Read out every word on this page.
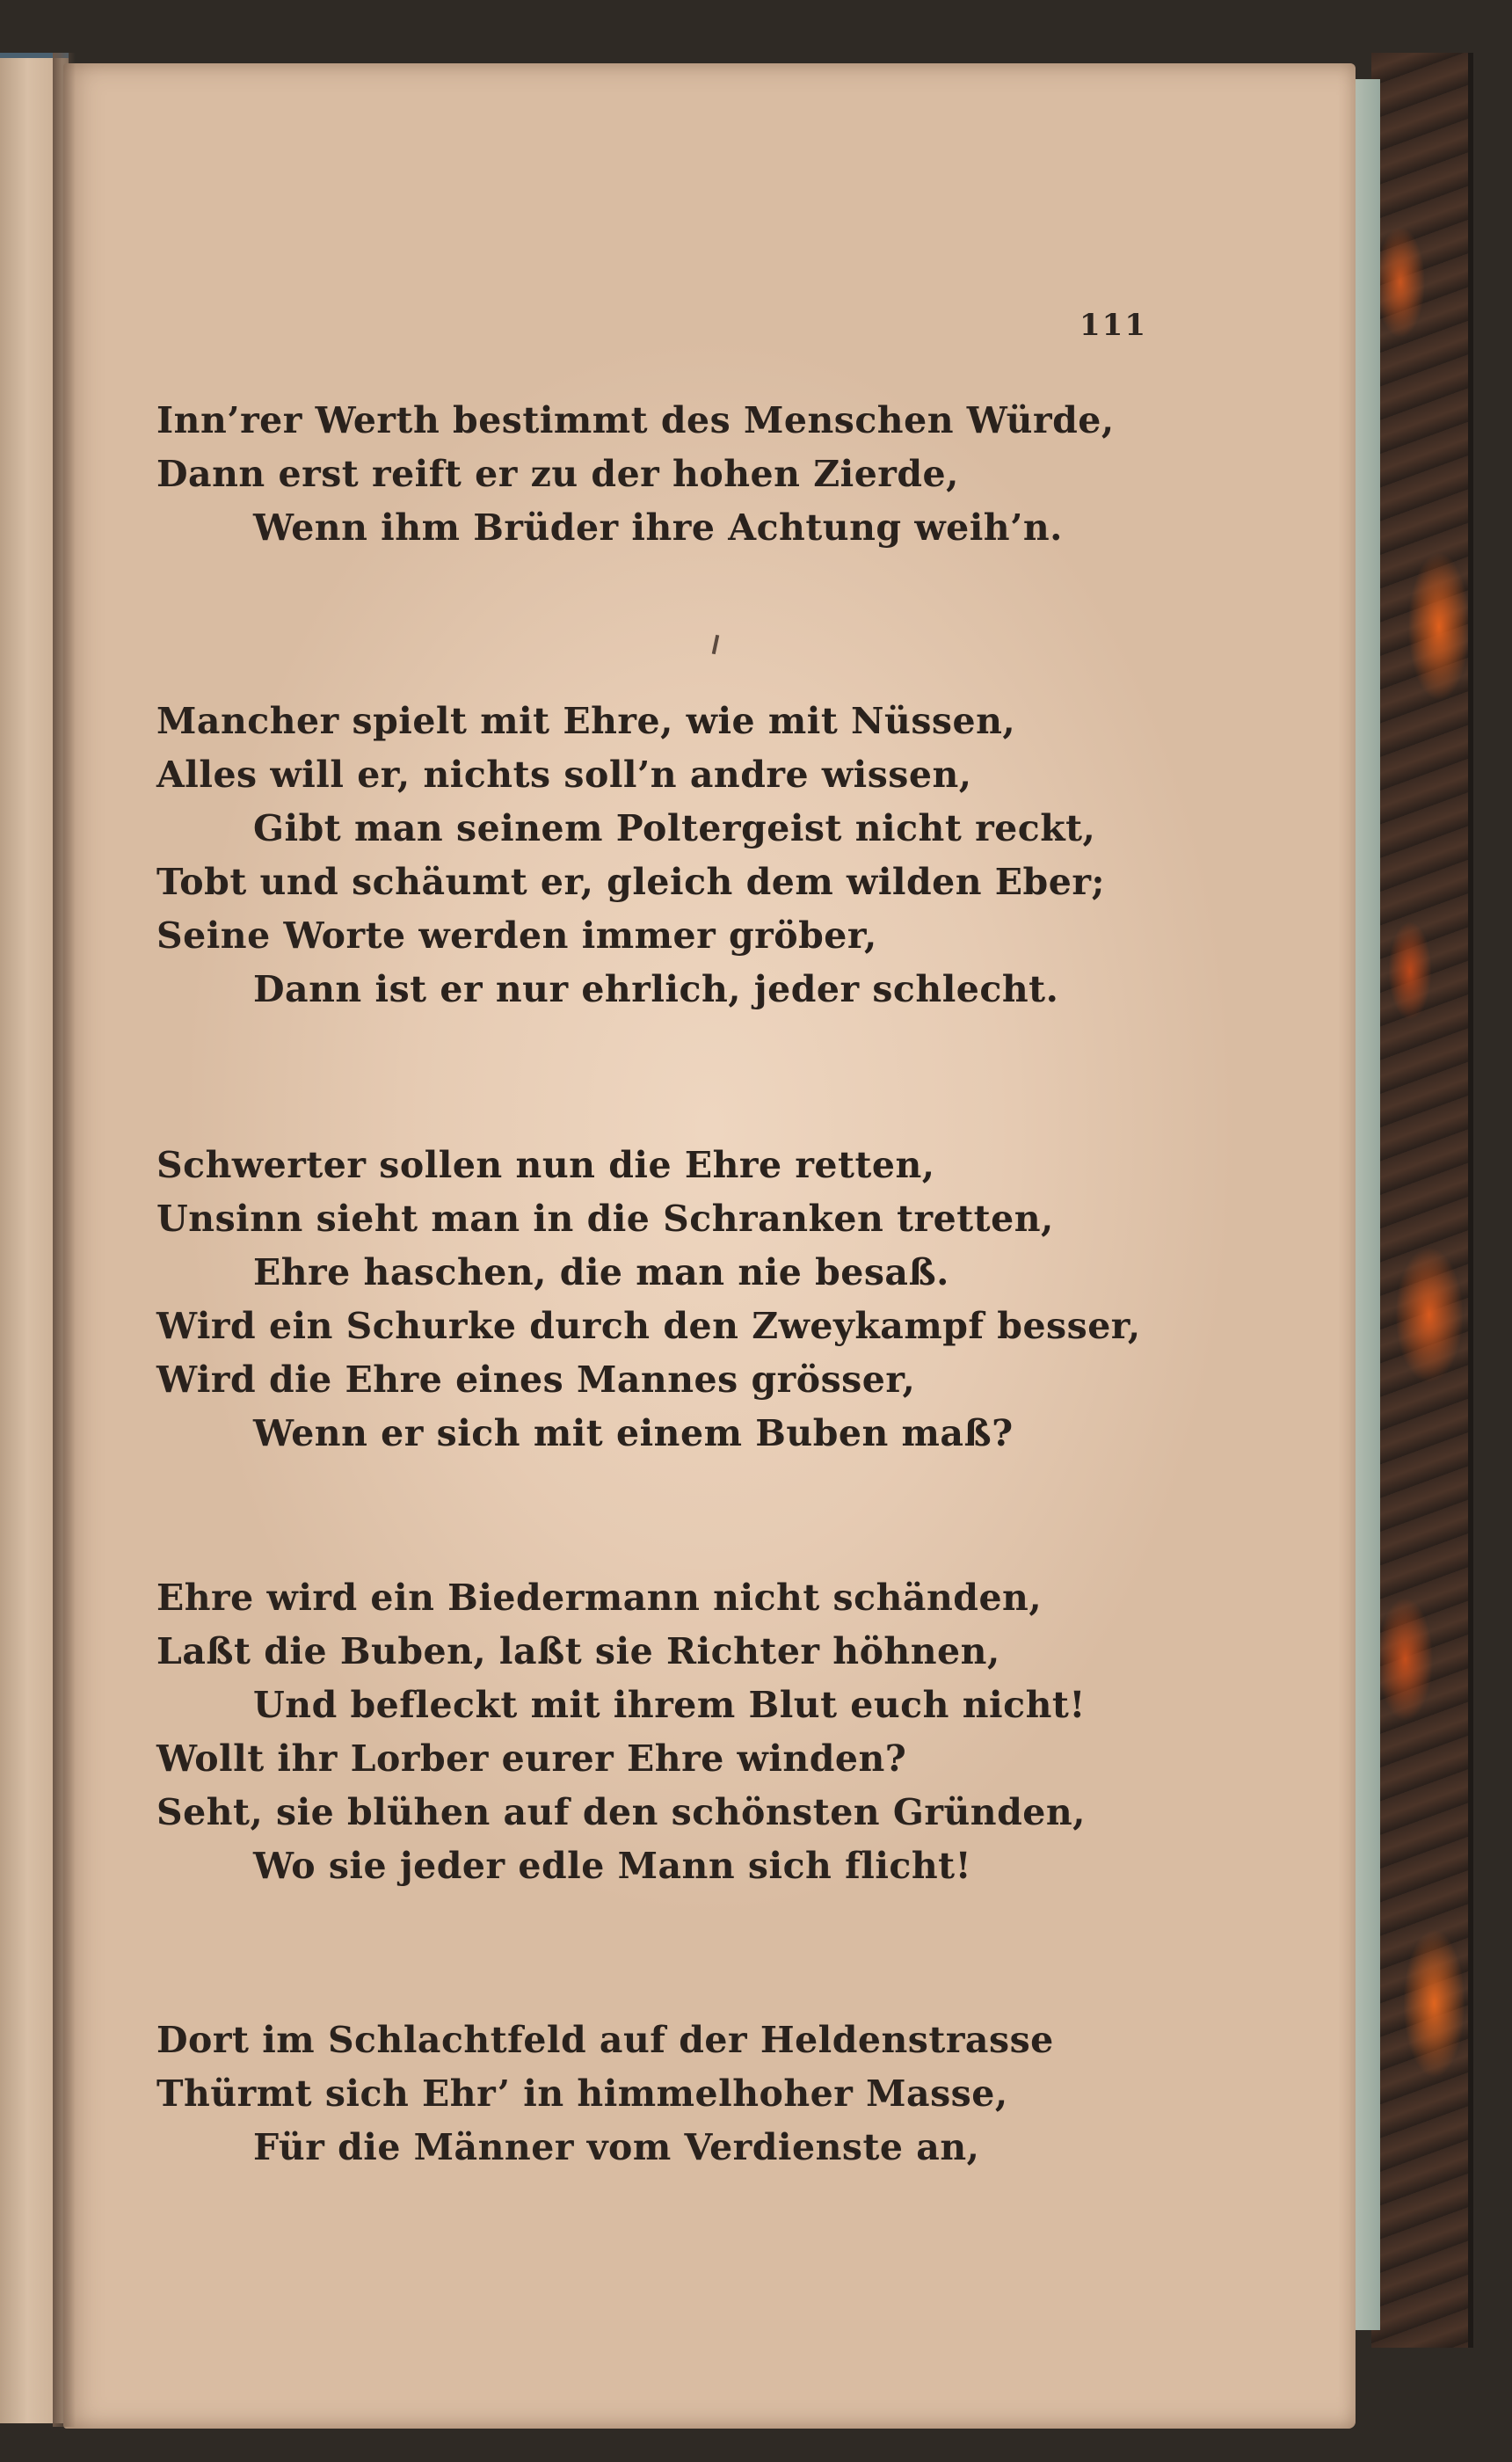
111
Inn’rer Werth bestimmt des Menschen Würde,
Dann erst reift er zu der hohen Zierde,
Wenn ihm Brüder ihre Achtung weih’n.
Mancher spielt mit Ehre, wie mit Nüssen,
Alles will er, nichts soll’n andre wissen,
Gibt man seinem Poltergeist nicht reckt,
Tobt und schäumt er, gleich dem wilden Eber;
Seine Worte werden immer gröber,
Dann ist er nur ehrlich, jeder schlecht.
Schwerter sollen nun die Ehre retten,
Unsinn sieht man in die Schranken tretten,
Ehre haschen, die man nie besaß.
Wird ein Schurke durch den Zweykampf besser,
Wird die Ehre eines Mannes grösser,
Wenn er sich mit einem Buben maß?
Ehre wird ein Biedermann nicht schänden,
Laßt die Buben, laßt sie Richter höhnen,
Und befleckt mit ihrem Blut euch nicht!
Wollt ihr Lorber eurer Ehre winden?
Seht, sie blühen auf den schönsten Gründen,
Wo sie jeder edle Mann sich flicht!
Dort im Schlachtfeld auf der Heldenstrasse
Thürmt sich Ehr’ in himmelhoher Masse,
Für die Männer vom Verdienste an,
